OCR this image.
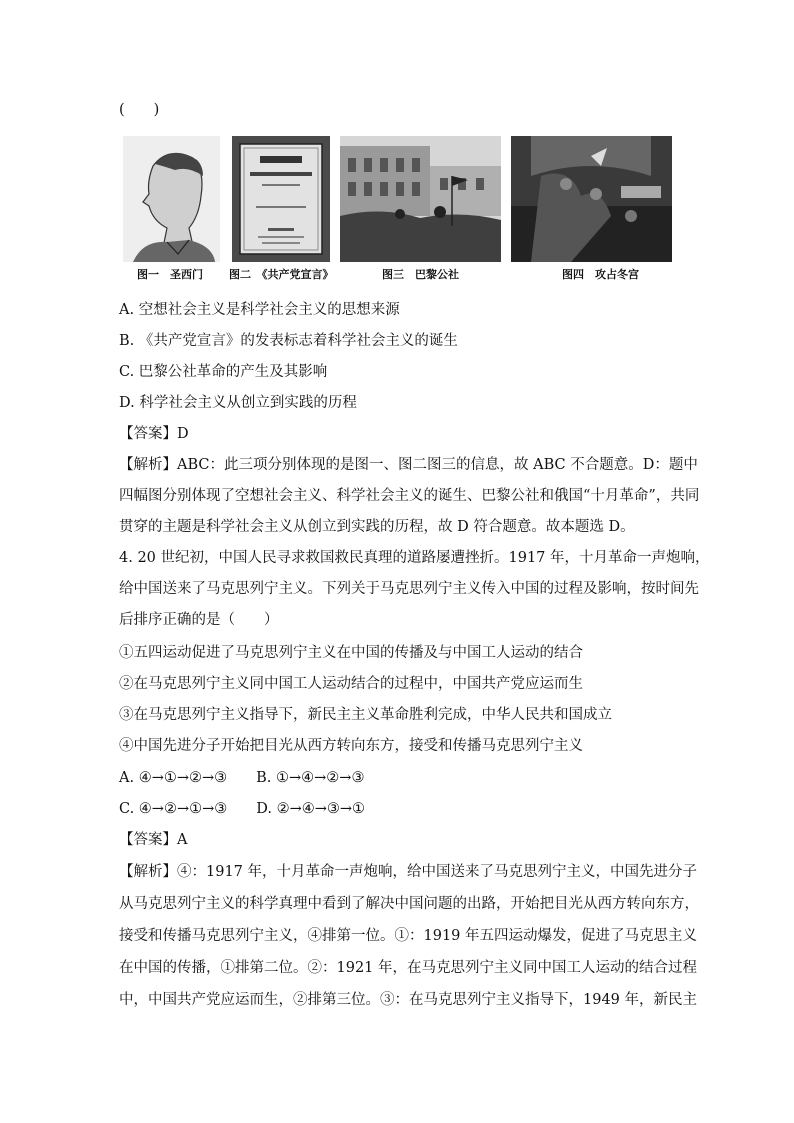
(　　)
图一　圣西门 图二　《共产党宣言》	图三　巴黎公社	图四　攻占冬宫
A. 空想社会主义是科学社会主义的思想来源
B. 《共产党宣言》的发表标志着科学社会主义的诞生
C. 巴黎公社革命的产生及其影响
D. 科学社会主义从创立到实践的历程
【答案】D
【解析】ABC：此三项分别体现的是图一、图二图三的信息，故 ABC 不合题意。D：题中
四幅图分别体现了空想社会主义、科学社会主义的诞生、巴黎公社和俄国“十月革命”，共同
贯穿的主题是科学社会主义从创立到实践的历程，故 D 符合题意。故本题选 D。
4. 20 世纪初，中国人民寻求救国救民真理的道路屡遭挫折。1917 年，十月革命一声炮响，
给中国送来了马克思列宁主义。下列关于马克思列宁主义传入中国的过程及影响，按时间先
后排序正确的是（　　）
①五四运动促进了马克思列宁主义在中国的传播及与中国工人运动的结合
②在马克思列宁主义同中国工人运动结合的过程中，中国共产党应运而生
③在马克思列宁主义指导下，新民主主义革命胜利完成，中华人民共和国成立
④中国先进分子开始把目光从西方转向东方，接受和传播马克思列宁主义
A. ④→①→②→③　　B. ①→④→②→③
C. ④→②→①→③　　D. ②→④→③→①
【答案】A
【解析】④：1917 年，十月革命一声炮响，给中国送来了马克思列宁主义，中国先进分子
从马克思列宁主义的科学真理中看到了解决中国问题的出路，开始把目光从西方转向东方，
接受和传播马克思列宁主义，④排第一位。①：1919 年五四运动爆发，促进了马克思主义
在中国的传播，①排第二位。②：1921 年，在马克思列宁主义同中国工人运动的结合过程
中，中国共产党应运而生，②排第三位。③：在马克思列宁主义指导下，1949 年，新民主
